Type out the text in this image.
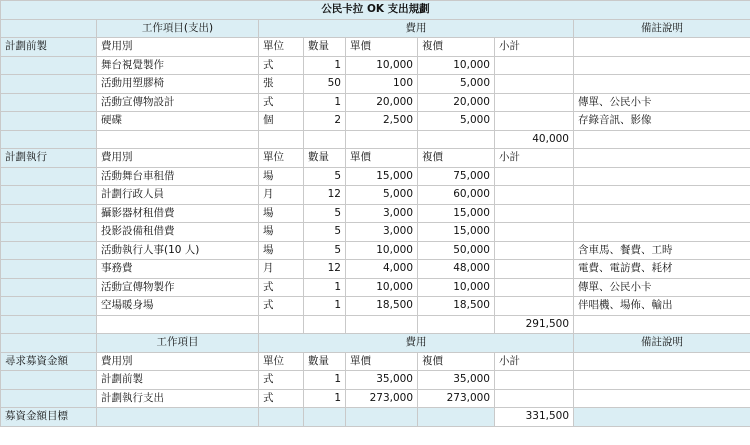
公民卡拉 OK 支出規劃							
	工作項目(支出)	費用					備註說明
計劃前製	費用別	單位	數量	單價	複價	小計	
	舞台視覺製作	式	1	10,000	10,000		
	活動用塑膠椅	張	50	100	5,000		
	活動宣傳物設計	式	1	20,000	20,000		傳單、公民小卡
	硬碟	個	2	2,500	5,000		存錄音訊、影像
						40,000	
計劃執行	費用別	單位	數量	單價	複價	小計	
	活動舞台車租借	場	5	15,000	75,000		
	計劃行政人員	月	12	5,000	60,000		
	攝影器材租借費	場	5	3,000	15,000		
	投影設備租借費	場	5	3,000	15,000		
	活動執行人事(10 人)	場	5	10,000	50,000		含車馬、餐費、工時
	事務費	月	12	4,000	48,000		電費、電訪費、耗材
	活動宣傳物製作	式	1	10,000	10,000		傳單、公民小卡
	空場暖身場	式	1	18,500	18,500		伴唱機、場佈、輸出
						291,500	
	工作項目	費用					備註說明
尋求募資金額	費用別	單位	數量	單價	複價	小計	
	計劃前製	式	1	35,000	35,000		
	計劃執行支出	式	1	273,000	273,000		
募資金額目標						331,500	
